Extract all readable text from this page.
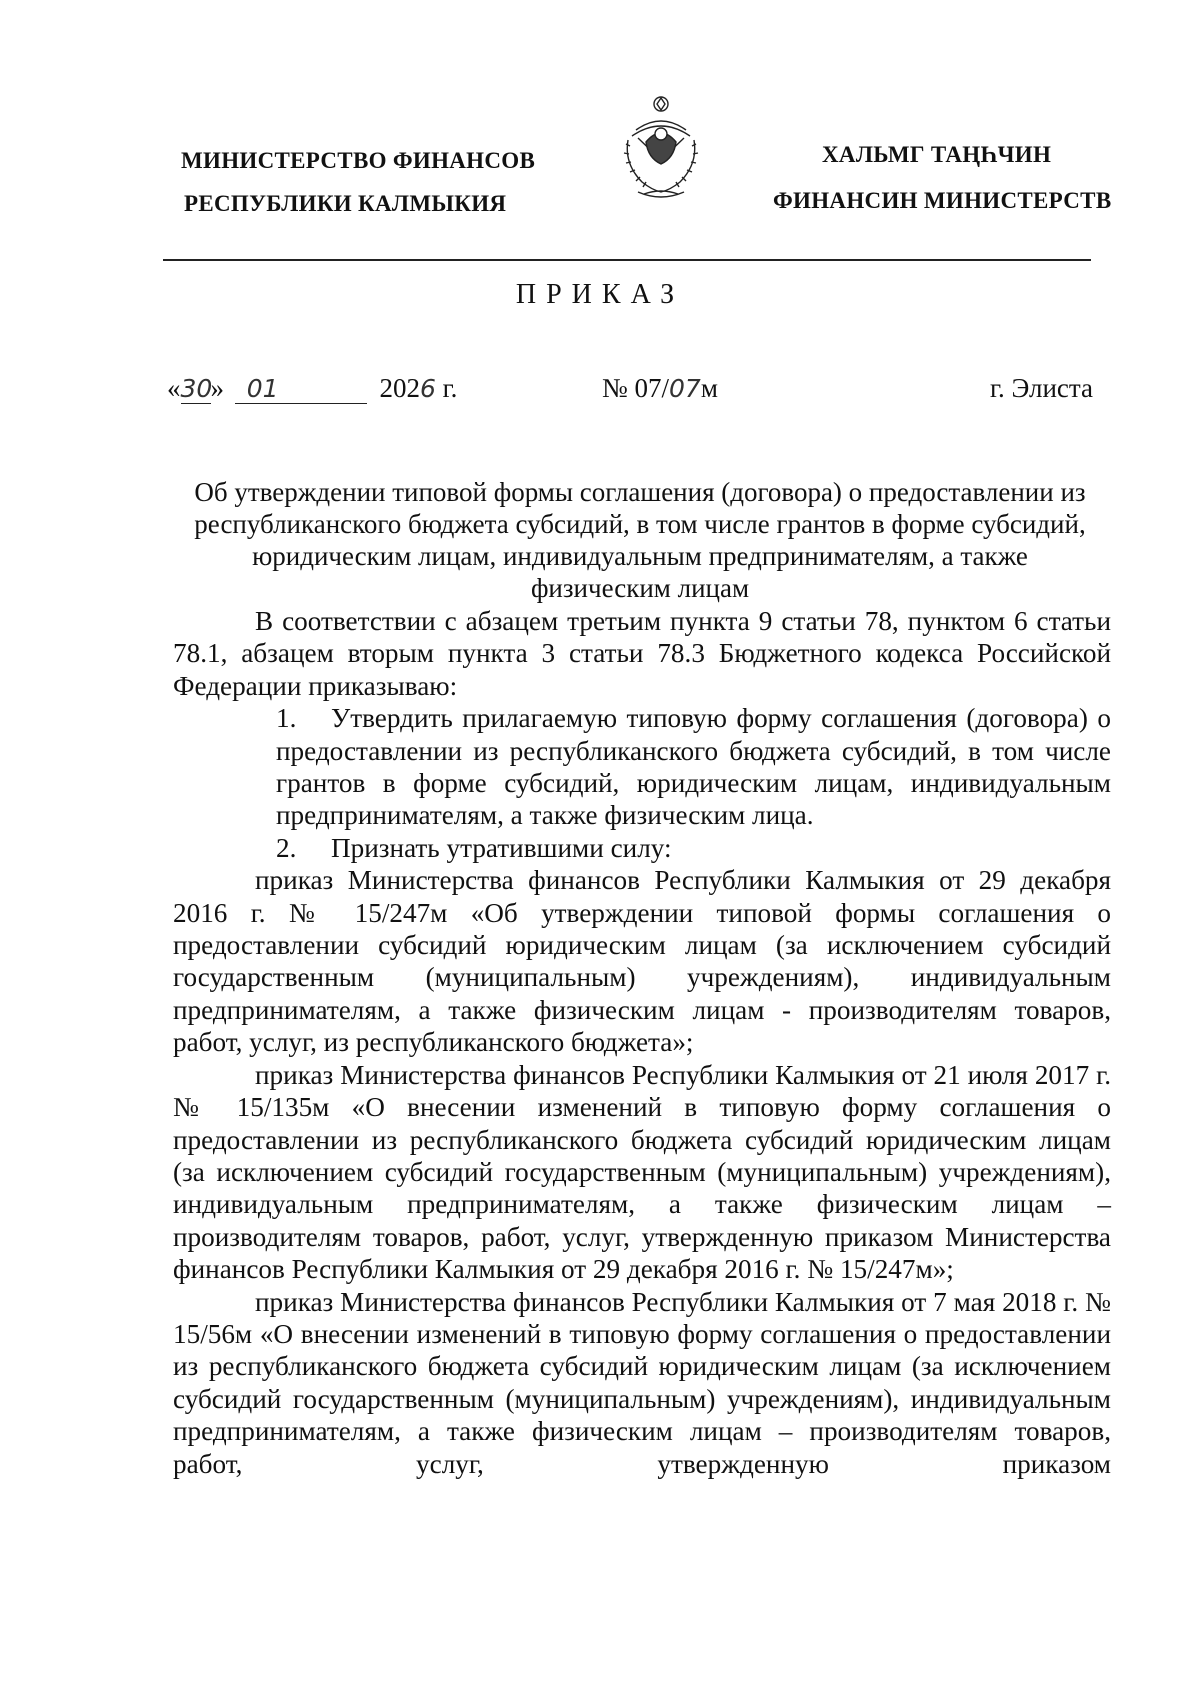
МИНИСТЕРСТВО ФИНАНСОВ
РЕСПУБЛИКИ КАЛМЫКИЯ
ХАЛЬМГ ТАҢҺЧИН
ФИНАНСИН МИНИСТЕРСТВ
ПРИКАЗ
«30» 01	2026 г.	№ 07/07м	г. Элиста
Об утверждении типовой формы соглашения (договора) о предоставлении из
республиканского бюджета субсидий, в том числе грантов в форме субсидий,
юридическим лицам, индивидуальным предпринимателям, а также
физическим лицам

В соответствии с абзацем третьим пункта 9 статьи 78, пунктом 6 статьи 78.1, абзацем вторым пункта 3 статьи 78.3 Бюджетного кодекса Российской Федерации приказываю:

1. Утвердить прилагаемую типовую форму соглашения (договора) о предоставлении из республиканского бюджета субсидий, в том числе грантов в форме субсидий, юридическим лицам, индивидуальным предпринимателям, а также физическим лица.

2. Признать утратившими силу:

приказ Министерства финансов Республики Калмыкия от 29 декабря 2016 г. № 15/247м «Об утверждении типовой формы соглашения о предоставлении субсидий юридическим лицам (за исключением субсидий государственным (муниципальным) учреждениям), индивидуальным предпринимателям, а также физическим лицам - производителям товаров, работ, услуг, из республиканского бюджета»;

приказ Министерства финансов Республики Калмыкия от 21 июля 2017 г. № 15/135м «О внесении изменений в типовую форму соглашения о предоставлении из республиканского бюджета субсидий юридическим лицам (за исключением субсидий государственным (муниципальным) учреждениям), индивидуальным предпринимателям, а также физическим лицам – производителям товаров, работ, услуг, утвержденную приказом Министерства финансов Республики Калмыкия от 29 декабря 2016 г. № 15/247м»;

приказ Министерства финансов Республики Калмыкия от 7 мая 2018 г. № 15/56м «О внесении изменений в типовую форму соглашения о предоставлении из республиканского бюджета субсидий юридическим лицам (за исключением субсидий государственным (муниципальным) учреждениям), индивидуальным предпринимателям, а также физическим лицам – производителям товаров, работ, услуг, утвержденную приказом
